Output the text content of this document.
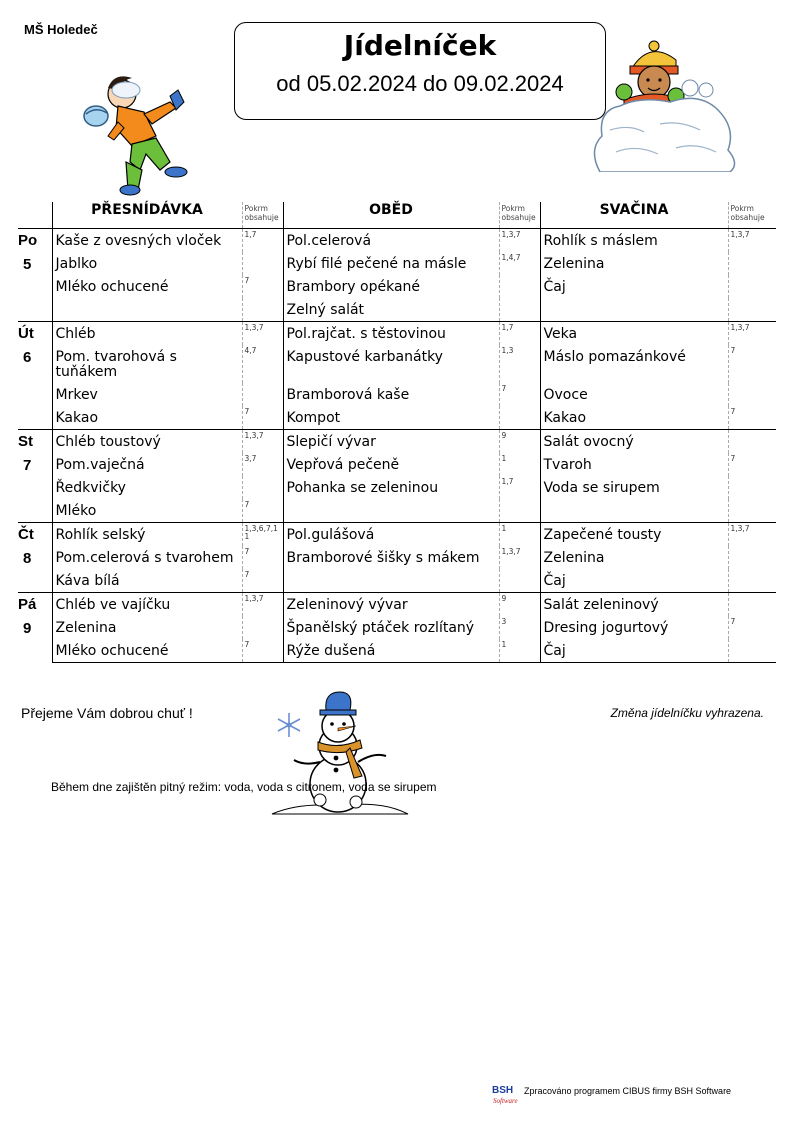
MŠ Holedeč	Jídelníček
od 05.02.2024 do 09.02.2024
	PŘESNÍDÁVKA	Pokrm obsahuje	OBĚD	Pokrm obsahuje	SVAČINA	Pokrm obsahuje

Po
5	Kaše z ovesných vloček	1,7	Pol.celerová	1,3,7	Rohlík s máslem	1,3,7

	Jablko		Rybí filé pečené na másle	1,4,7	Zelenina	

	Mléko ochucené	7	Brambory opékané		Čaj	

			Zelný salát			

Út
6	Chléb	1,3,7	Pol.rajčat. s těstovinou	1,7	Veka	1,3,7

	Pom. tvarohová s tuňákem	4,7	Kapustové karbanátky	1,3	Máslo pomazánkové	7

	Mrkev		Bramborová kaše	7	Ovoce	

	Kakao	7	Kompot		Kakao	7

St
7	Chléb toustový	1,3,7	Slepičí vývar	9	Salát ovocný	

	Pom.vaječná	3,7	Vepřová pečeně	1	Tvaroh	7

	Ředkvičky		Pohanka se zeleninou	1,7	Voda se sirupem	

	Mléko	7	

Čt
8	Rohlík selský	1,3,6,7,1 1	Pol.gulášová	1	Zapečené tousty	1,3,7

	Pom.celerová s tvarohem	7	Bramborové šišky s mákem	1,3,7	Zelenina	

	Káva bílá	7			Čaj	

Pá
9	Chléb ve vajíčku	1,3,7	Zeleninový vývar	9	Salát zeleninový	

	Zelenina		Španělský ptáček rozlítaný	3	Dresing jogurtový	7

	Mléko ochucené	7	Rýže dušená	1	Čaj	

Přejeme Vám dobrou chuť !	Změna jídelníčku vyhrazena.
Během dne zajištěn pitný režim: voda, voda s citronem, voda se sirupem
BSH
Software
Zpracováno programem CIBUS firmy BSH Software
